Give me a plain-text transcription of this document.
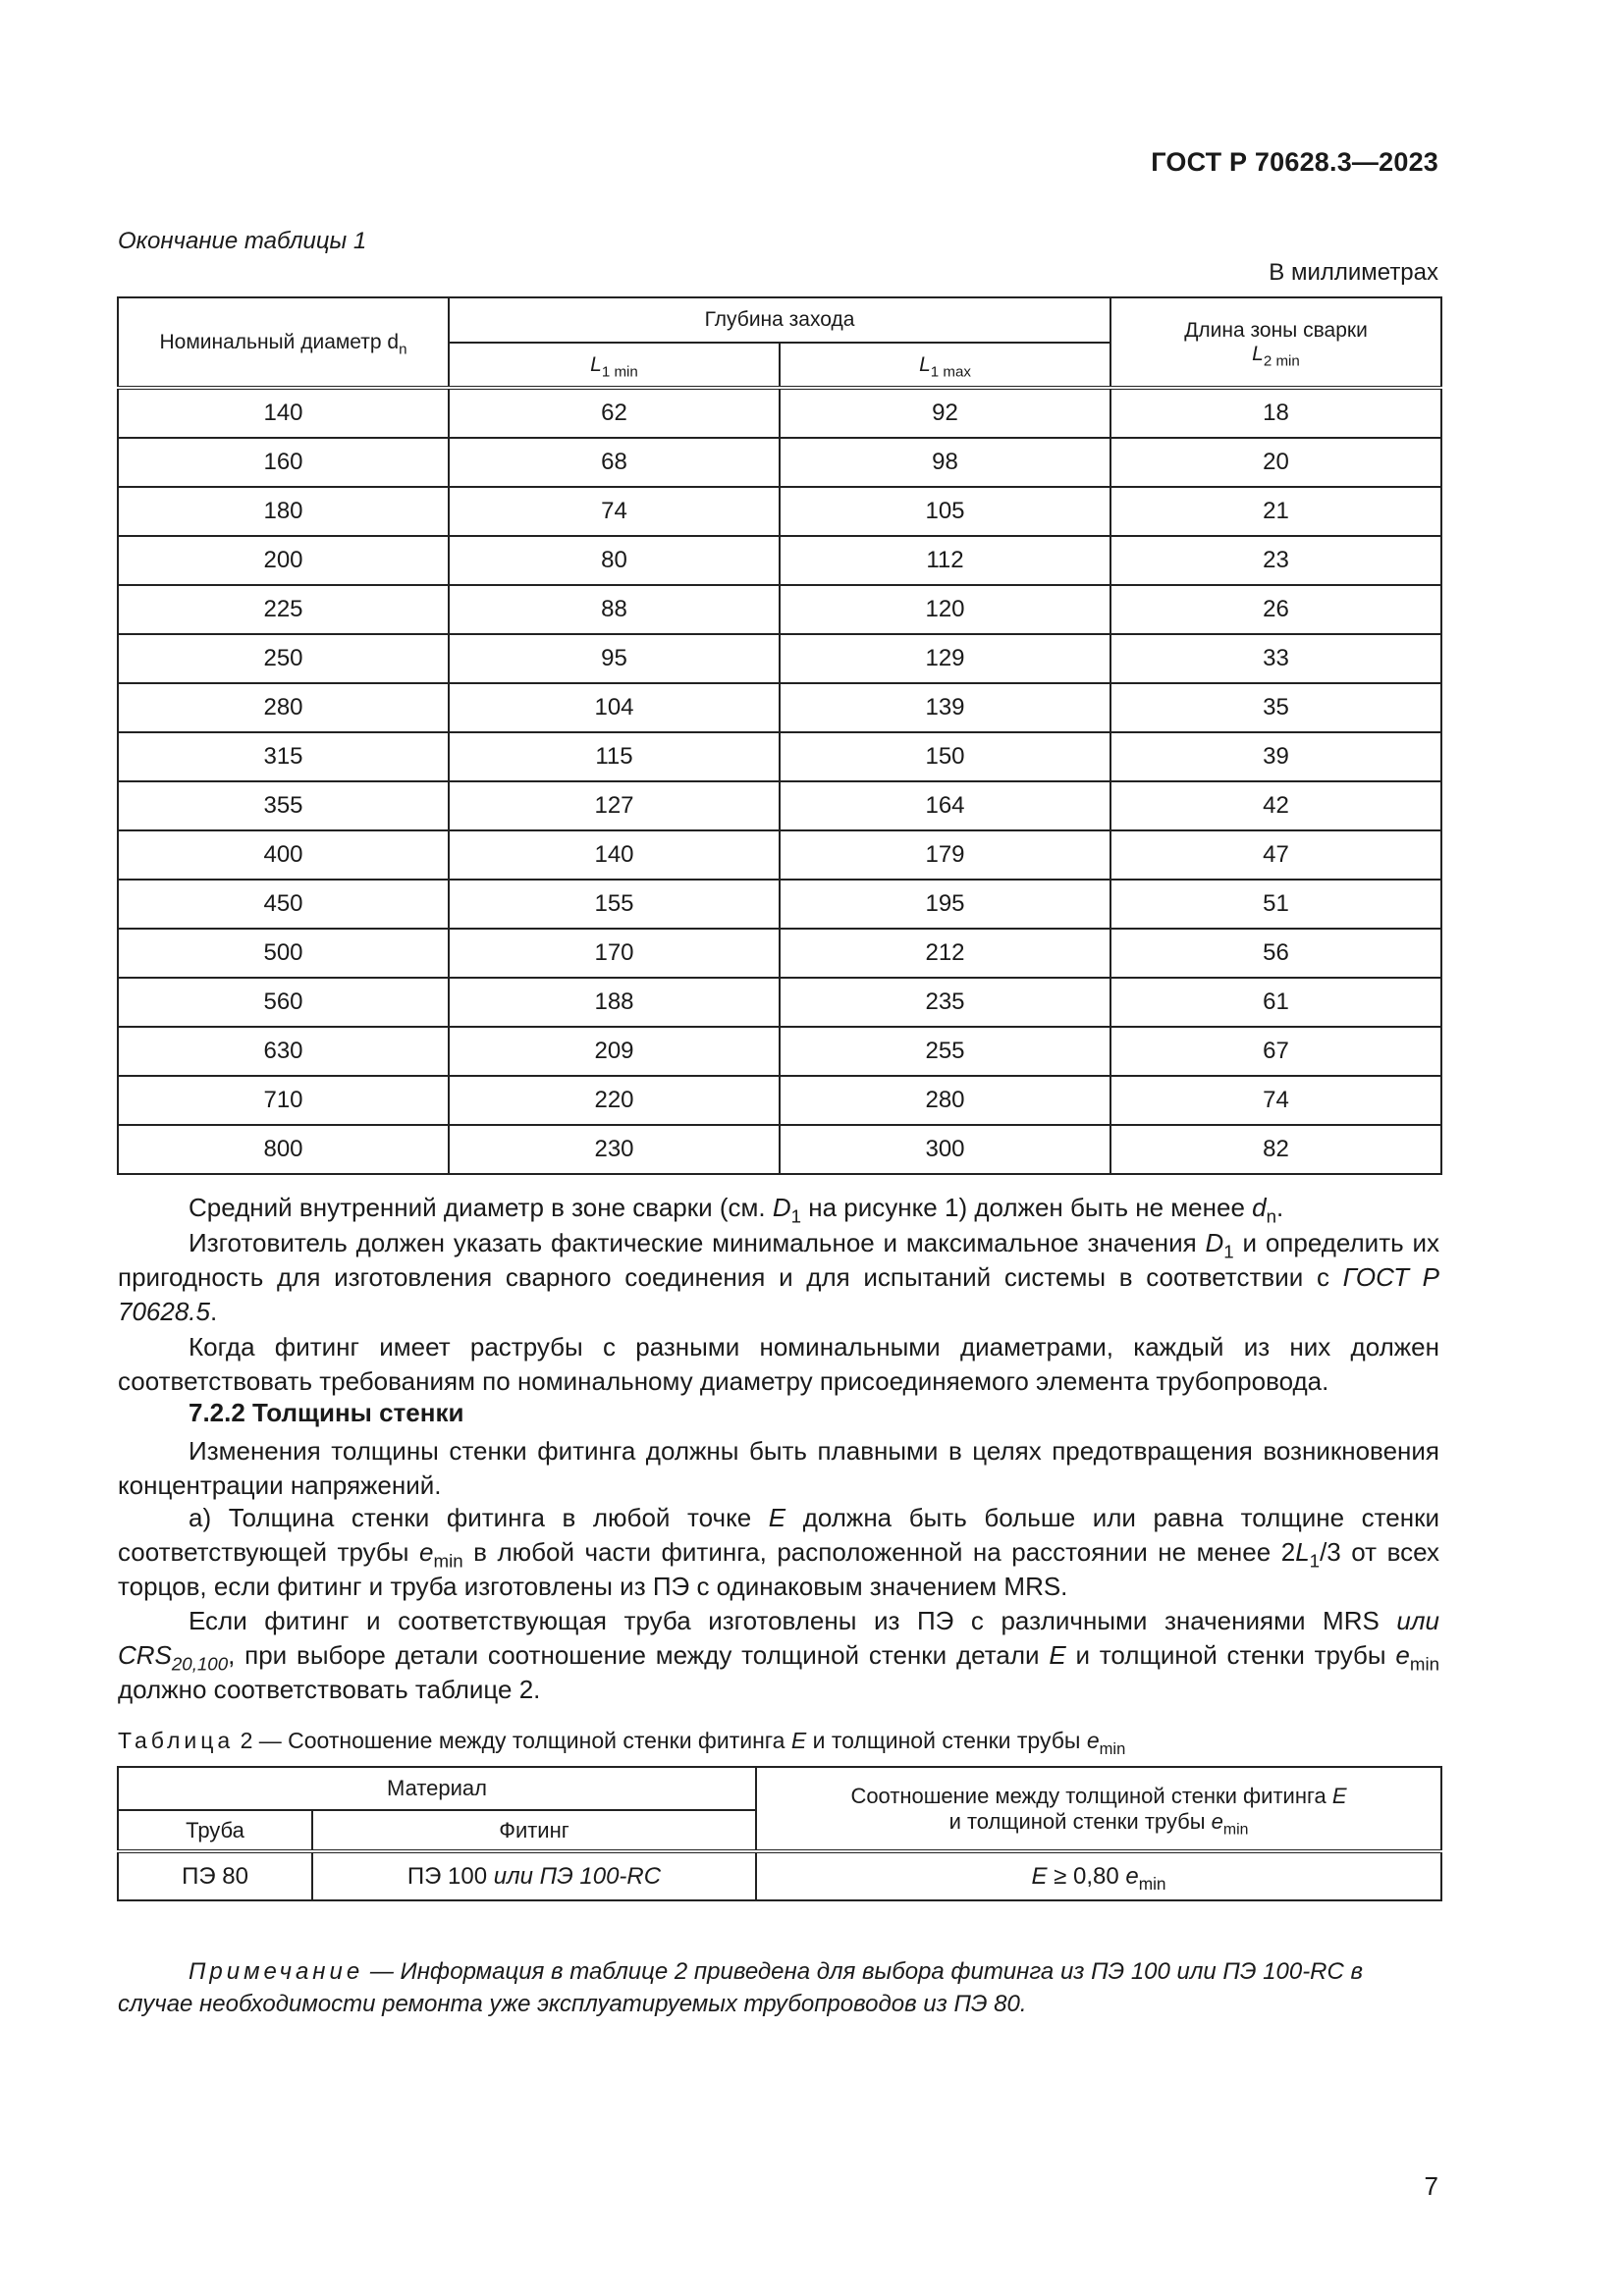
ГОСТ Р 70628.3—2023
Окончание таблицы 1
В миллиметрах
Номинальный диаметр $d_n$	Глубина захода		Длина зоны сварки
$L_{2 min}$
	$L_{1 min}$	$L_{1 max}$
140	62	92	18
160	68	98	20
180	74	105	21
200	80	112	23
225	88	120	26
250	95	129	33
280	104	139	35
315	115	150	39
355	127	164	42
400	140	179	47
450	155	195	51
500	170	212	56
560	188	235	61
630	209	255	67
710	220	280	74
800	230	300	82
Средний внутренний диаметр в зоне сварки (см. $D_1$ на рисунке 1) должен быть не менее $d_n$.
Изготовитель должен указать фактические минимальное и максимальное значения $D_1$ и определить их пригодность для изготовления сварного соединения и для испытаний системы в соответствии с ГОСТ Р 70628.5.
Когда фитинг имеет раструбы с разными номинальными диаметрами, каждый из них должен соответствовать требованиям по номинальному диаметру присоединяемого элемента трубопровода.
7.2.2 Толщины стенки
Изменения толщины стенки фитинга должны быть плавными в целях предотвращения возникновения концентрации напряжений.
a) Толщина стенки фитинга в любой точке E должна быть больше или равна толщине стенки соответствующей трубы $e_{min}$ в любой части фитинга, расположенной на расстоянии не менее $2L_1/3$ от всех торцов, если фитинг и труба изготовлены из ПЭ с одинаковым значением MRS.
Если фитинг и соответствующая труба изготовлены из ПЭ с различными значениями MRS или $CRS_{20,100}$, при выборе детали соотношение между толщиной стенки детали E и толщиной стенки трубы $e_{min}$ должно соответствовать таблице 2.
Таблица 2 — Соотношение между толщиной стенки фитинга E и толщиной стенки трубы $e_{min}$
Материал		Соотношение между толщиной стенки фитинга E
и толщиной стенки трубы $e_{min}$
Труба	Фитинг	
ПЭ 80	ПЭ 100 или ПЭ 100-RC	E ≥ 0,80 $e_{min}$
Примечание — Информация в таблице 2 приведена для выбора фитинга из ПЭ 100 или ПЭ 100-RC в случае необходимости ремонта уже эксплуатируемых трубопроводов из ПЭ 80.
7
